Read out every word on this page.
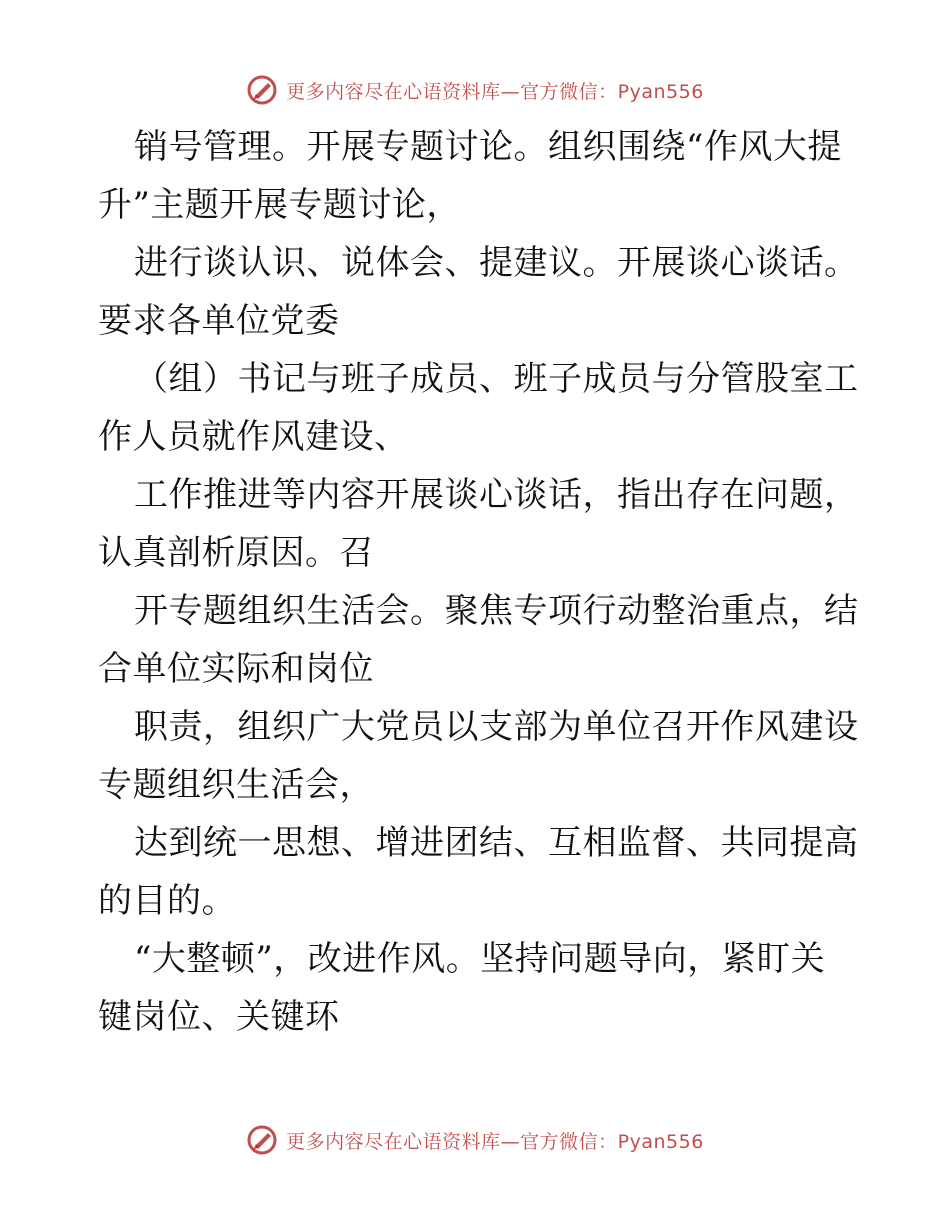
更多内容尽在心语资料库—官方微信：Pyan556
销号管理。开展专题讨论。组织围绕“作风大提
升”主题开展专题讨论，
进行谈认识、说体会、提建议。开展谈心谈话。
要求各单位党委
（组）书记与班子成员、班子成员与分管股室工
作人员就作风建设、
工作推进等内容开展谈心谈话，指出存在问题，
认真剖析原因。召
开专题组织生活会。聚焦专项行动整治重点，结
合单位实际和岗位
职责，组织广大党员以支部为单位召开作风建设
专题组织生活会，
达到统一思想、增进团结、互相监督、共同提高
的目的。
“大整顿”，改进作风。坚持问题导向，紧盯关
键岗位、关键环
更多内容尽在心语资料库—官方微信：Pyan556
